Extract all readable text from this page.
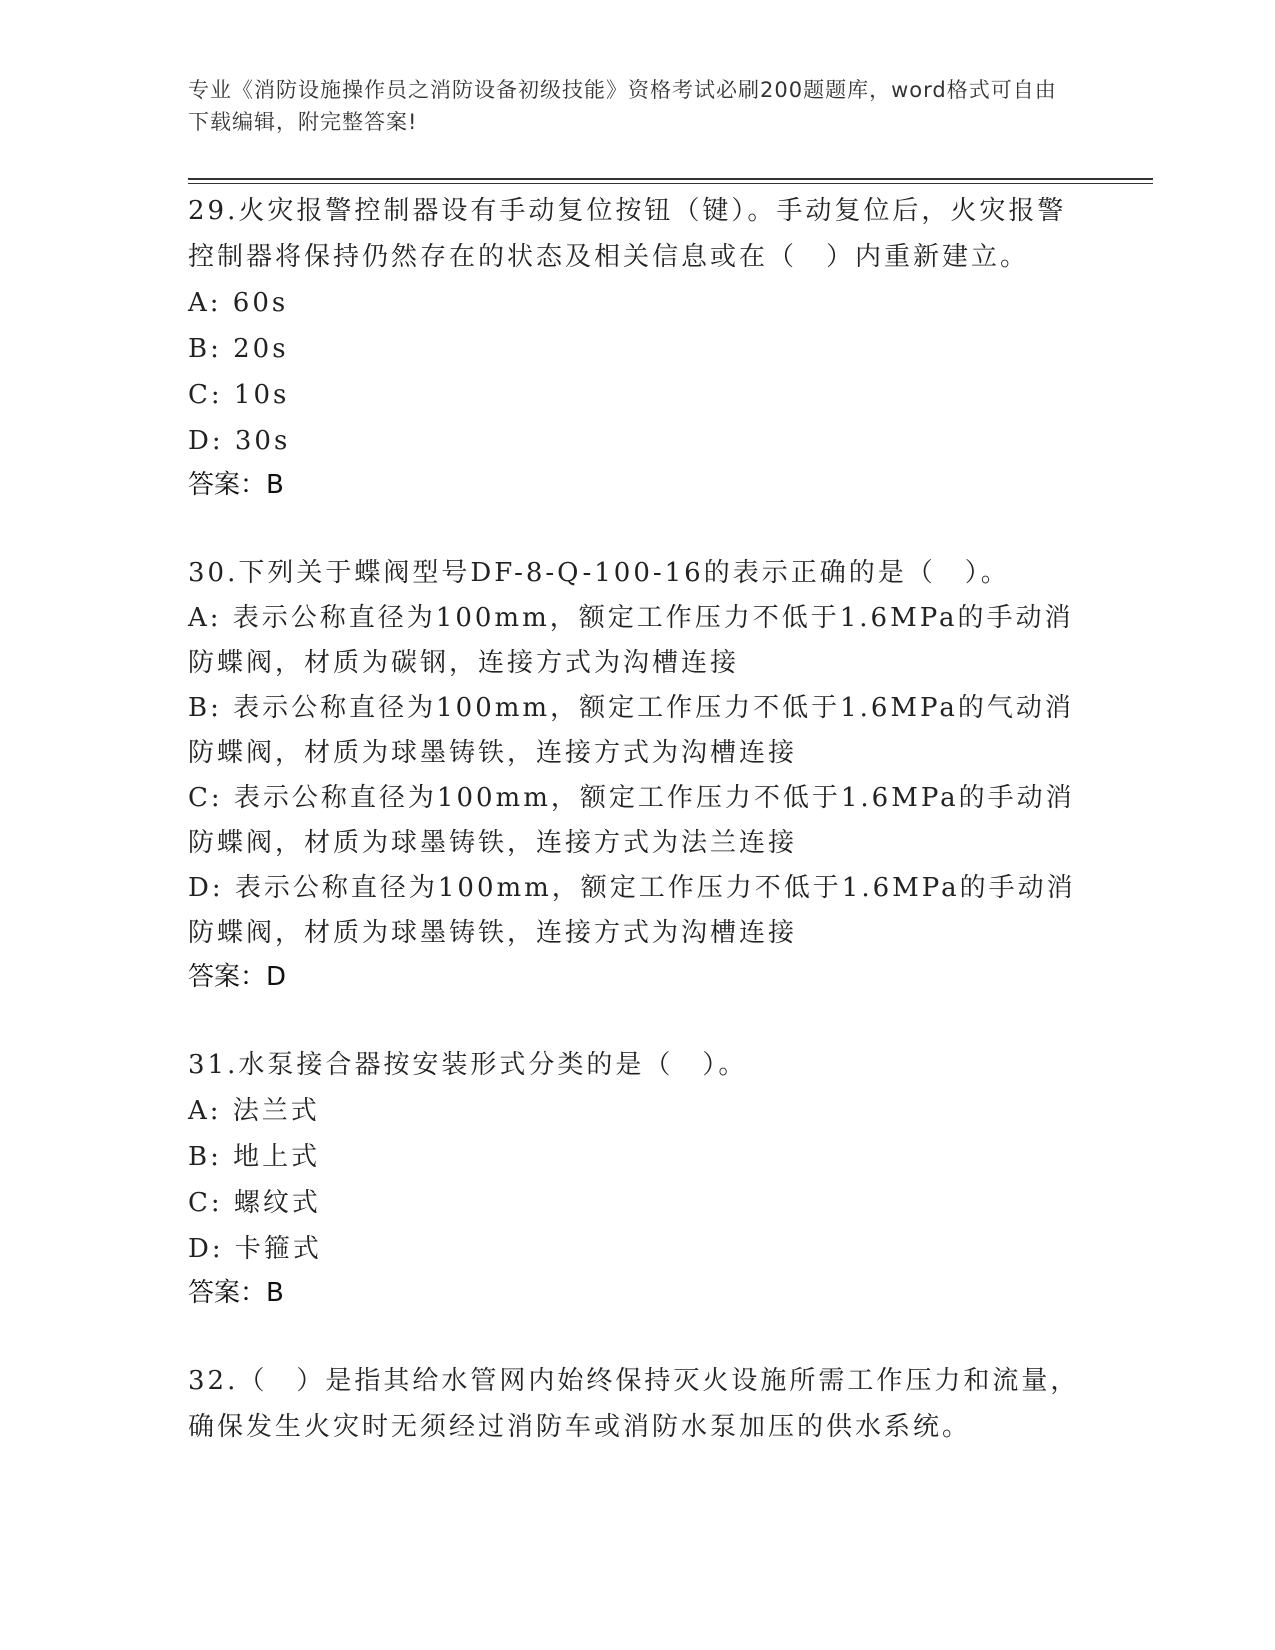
专业《消防设施操作员之消防设备初级技能》资格考试必刷200题题库，word格式可自由下载编辑，附完整答案!
29.火灾报警控制器设有手动复位按钮（键）。手动复位后，火灾报警控制器将保持仍然存在的状态及相关信息或在（　）内重新建立。
A: 60s
B: 20s
C: 10s
D: 30s
答案：B
30.下列关于蝶阀型号DF-8-Q-100-16的表示正确的是（　）。
A: 表示公称直径为100mm，额定工作压力不低于1.6MPa的手动消防蝶阀，材质为碳钢，连接方式为沟槽连接
B: 表示公称直径为100mm，额定工作压力不低于1.6MPa的气动消防蝶阀，材质为球墨铸铁，连接方式为沟槽连接
C: 表示公称直径为100mm，额定工作压力不低于1.6MPa的手动消防蝶阀，材质为球墨铸铁，连接方式为法兰连接
D: 表示公称直径为100mm，额定工作压力不低于1.6MPa的手动消防蝶阀，材质为球墨铸铁，连接方式为沟槽连接
答案：D
31.水泵接合器按安装形式分类的是（　）。
A: 法兰式
B: 地上式
C: 螺纹式
D: 卡箍式
答案：B
32.（　）是指其给水管网内始终保持灭火设施所需工作压力和流量，确保发生火灾时无须经过消防车或消防水泵加压的供水系统。
